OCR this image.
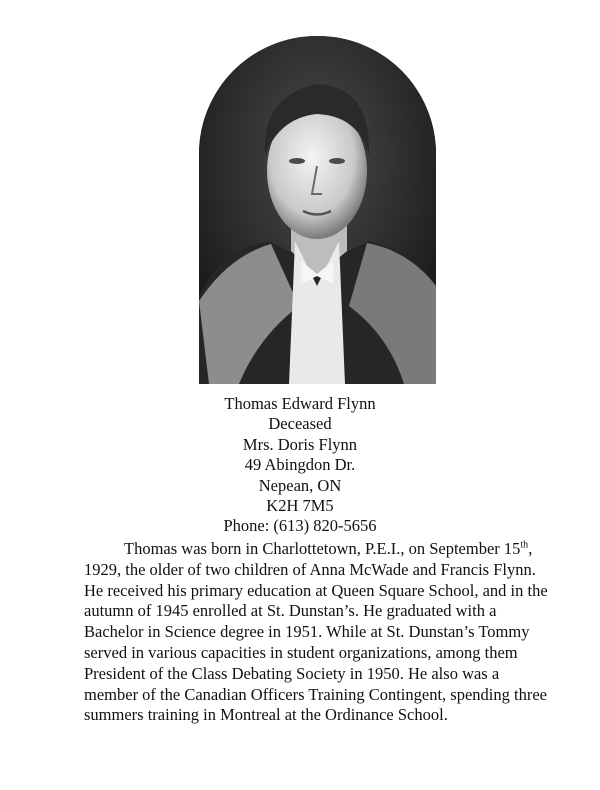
Thomas Edward Flynn
Deceased
Mrs. Doris Flynn
49 Abingdon Dr.
Nepean, ON
K2H 7M5
Phone: (613) 820-5656

Thomas was born in Charlottetown, P.E.I., on September 15th, 1929, the older of two children of Anna McWade and Francis Flynn. He received his primary education at Queen Square School, and in the autumn of 1945 enrolled at St. Dunstan’s. He graduated with a Bachelor in Science degree in 1951. While at St. Dunstan’s Tommy served in various capacities in student organizations, among them President of the Class Debating Society in 1950. He also was a member of the Canadian Officers Training Contingent, spending three summers training in Montreal at the Ordinance School.
